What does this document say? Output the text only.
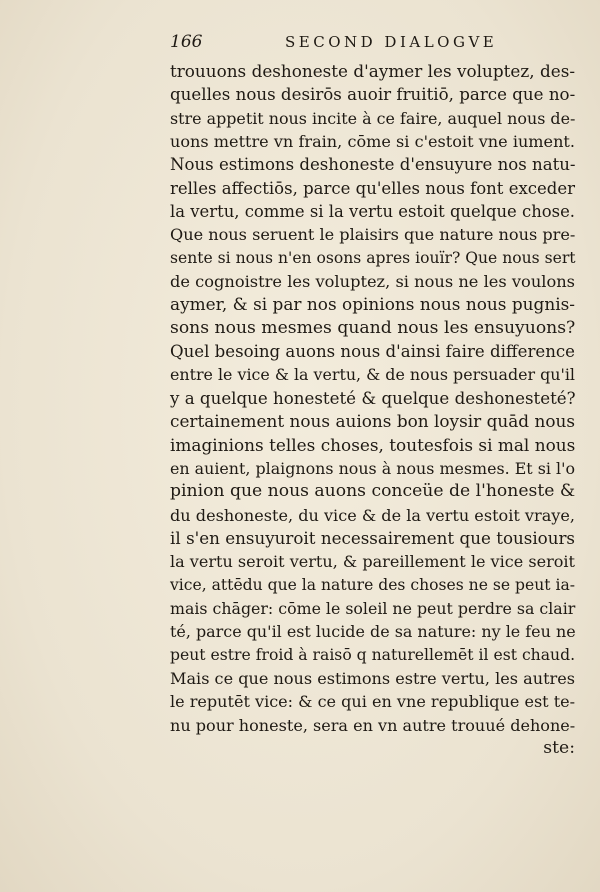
166	SECOND DIALOGVE
trouuons deshoneste d'aymer les voluptez, des-
quelles nous desirōs auoir fruitiō, parce que no-
stre appetit nous incite à ce faire, auquel nous de-
uons mettre vn frain, cōme si c'estoit vne iument.
Nous estimons deshoneste d'ensuyure nos natu-
relles affectiōs, parce qu'elles nous font exceder
la vertu, comme si la vertu estoit quelque chose.
Que nous seruent le plaisirs que nature nous pre-
sente si nous n'en osons apres iouïr? Que nous sert
de cognoistre les voluptez, si nous ne les voulons
aymer, & si par nos opinions nous nous pugnis-
sons nous mesmes quand nous les ensuyuons?
Quel besoing auons nous d'ainsi faire difference
entre le vice & la vertu, & de nous persuader qu'il
y a quelque honesteté & quelque deshonesteté?
certainement nous auions bon loysir quād nous
imaginions telles choses, toutesfois si mal nous
en auient, plaignons nous à nous mesmes. Et si l'o
pinion que nous auons conceüe de l'honeste &
du deshoneste, du vice & de la vertu estoit vraye,
il s'en ensuyuroit necessairement que tousiours
la vertu seroit vertu, & pareillement le vice seroit
vice, attēdu que la nature des choses ne se peut ia-
mais chāger: cōme le soleil ne peut perdre sa clair
té, parce qu'il est lucide de sa nature: ny le feu ne
peut estre froid à raisō q naturellemēt il est chaud.
Mais ce que nous estimons estre vertu, les autres
le reputēt vice: & ce qui en vne republique est te-
nu pour honeste, sera en vn autre trouué dehone-
ste:
